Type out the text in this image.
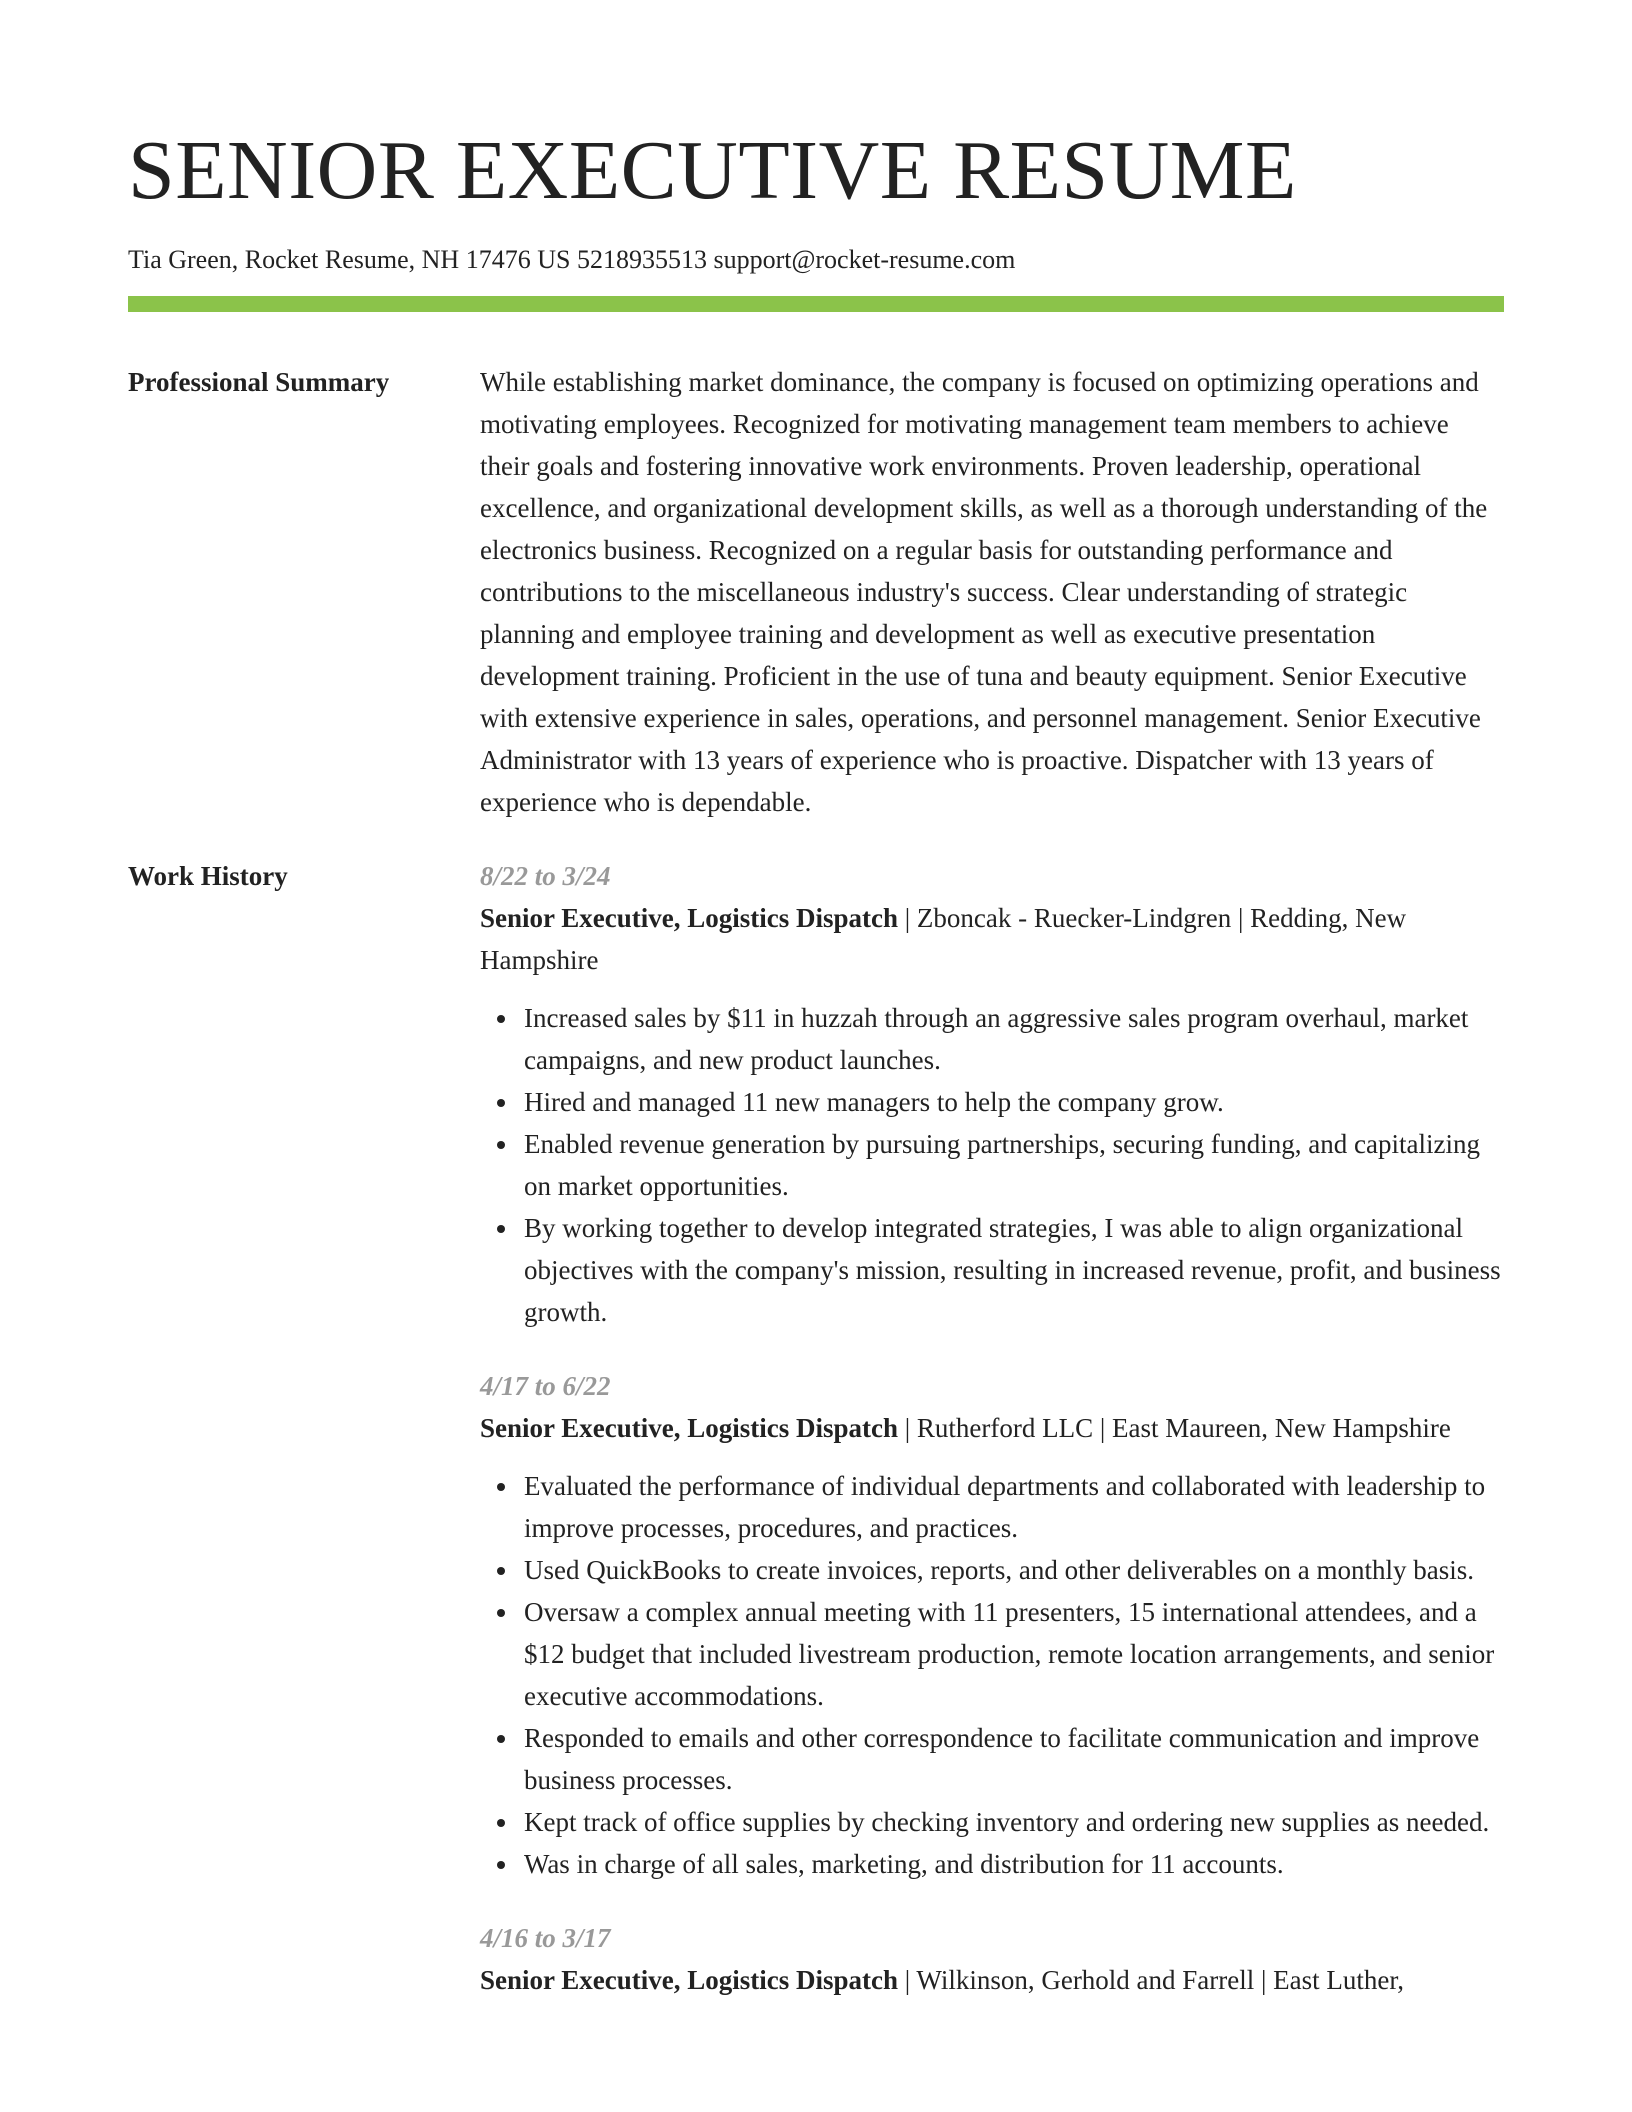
SENIOR EXECUTIVE RESUME
Tia Green, Rocket Resume, NH 17476 US 5218935513 support@rocket-resume.com
Professional Summary	While establishing market dominance, the company is focused on optimizing operations and motivating employees. Recognized for motivating management team members to achieve their goals and fostering innovative work environments. Proven leadership, operational excellence, and organizational development skills, as well as a thorough understanding of the electronics business. Recognized on a regular basis for outstanding performance and contributions to the miscellaneous industry's success. Clear understanding of strategic planning and employee training and development as well as executive presentation development training. Proficient in the use of tuna and beauty equipment. Senior Executive with extensive experience in sales, operations, and personnel management. Senior Executive Administrator with 13 years of experience who is proactive. Dispatcher with 13 years of experience who is dependable.

Work History	8/22 to 3/24
Senior Executive, Logistics Dispatch | Zboncak - Ruecker-Lindgren | Redding, New Hampshire
Increased sales by $11 in huzzah through an aggressive sales program overhaul, market campaigns, and new product launches.
Hired and managed 11 new managers to help the company grow.
Enabled revenue generation by pursuing partnerships, securing funding, and capitalizing on market opportunities.
By working together to develop integrated strategies, I was able to align organizational objectives with the company's mission, resulting in increased revenue, profit, and business growth.
4/17 to 6/22
Senior Executive, Logistics Dispatch | Rutherford LLC | East Maureen, New Hampshire
Evaluated the performance of individual departments and collaborated with leadership to improve processes, procedures, and practices.
Used QuickBooks to create invoices, reports, and other deliverables on a monthly basis.
Oversaw a complex annual meeting with 11 presenters, 15 international attendees, and a $12 budget that included livestream production, remote location arrangements, and senior executive accommodations.
Responded to emails and other correspondence to facilitate communication and improve business processes.
Kept track of office supplies by checking inventory and ordering new supplies as needed.
Was in charge of all sales, marketing, and distribution for 11 accounts.
4/16 to 3/17
Senior Executive, Logistics Dispatch | Wilkinson, Gerhold and Farrell | East Luther,
